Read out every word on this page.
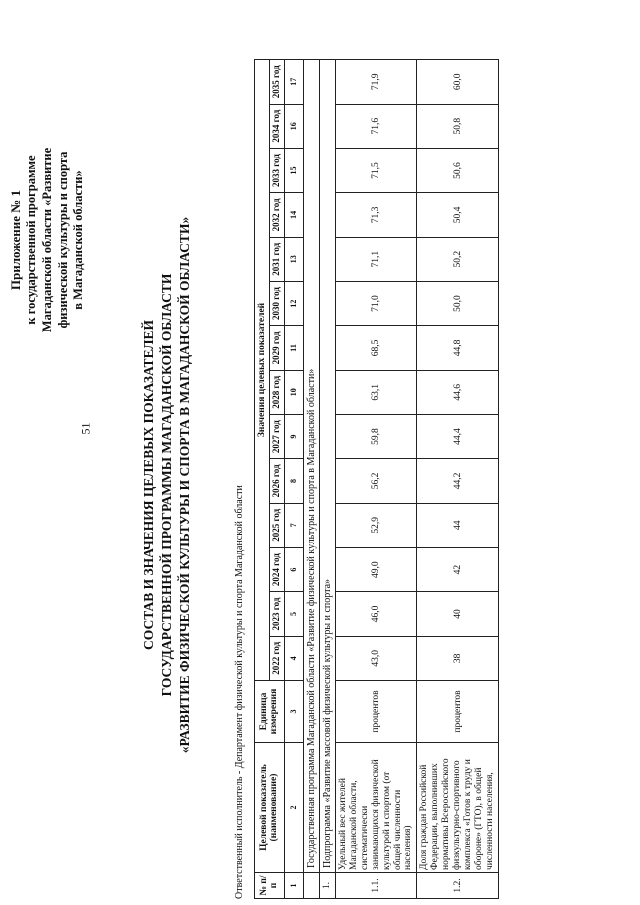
51
Приложение № 1 к государственной программе Магаданской области «Развитие физической культуры и спорта в Магаданской области»
СОСТАВ И ЗНАЧЕНИЯ ЦЕЛЕВЫХ ПОКАЗАТЕЛЕЙ ГОСУДАРСТВЕННОЙ ПРОГРАММЫ МАГАДАНСКОЙ ОБЛАСТИ «РАЗВИТИЕ ФИЗИЧЕСКОЙ КУЛЬТУРЫ И СПОРТА В МАГАДАНСКОЙ ОБЛАСТИ»	Ответственный исполнитель - Департамент физической культуры и спорта Магаданской области № п/п	Целевой показатель (наименование)	Единица измерения	Значения целевых показателей													
			2022 год	2023 год	2024 год	2025 год	2026 год	2027 год	2028 год	2029 год	2030 год	2031 год	2032 год	2033 год	2034 год	2035 год
1	2	3	4	5	6	7	8	9	10	11	12	13	14	15	16	17
	Государственная программа Магаданской области «Развитие физической культуры и спорта в Магаданской области»															
1.	Подпрограмма «Развитие массовой физической культуры и спорта»															
1.1.	Удельный вес жителей Магаданской области, систематически занимающихся физической культурой и спортом (от общей численности населения)	процентов	43,0	46,0	49,0	52,9	56,2	59,8	63,1	68,5	71,0	71,1	71,3	71,5	71,6	71,9
1.2.	Доля граждан Российской Федерации, выполнивших нормативы Всероссийского физкультурно-спортивного комплекса «Готов к труду и обороне» (ГТО), в общей численности населения,	процентов	38	40	42	44	44,2	44,4	44,6	44,8	50,0	50,2	50,4	50,6	50,8	60,0
